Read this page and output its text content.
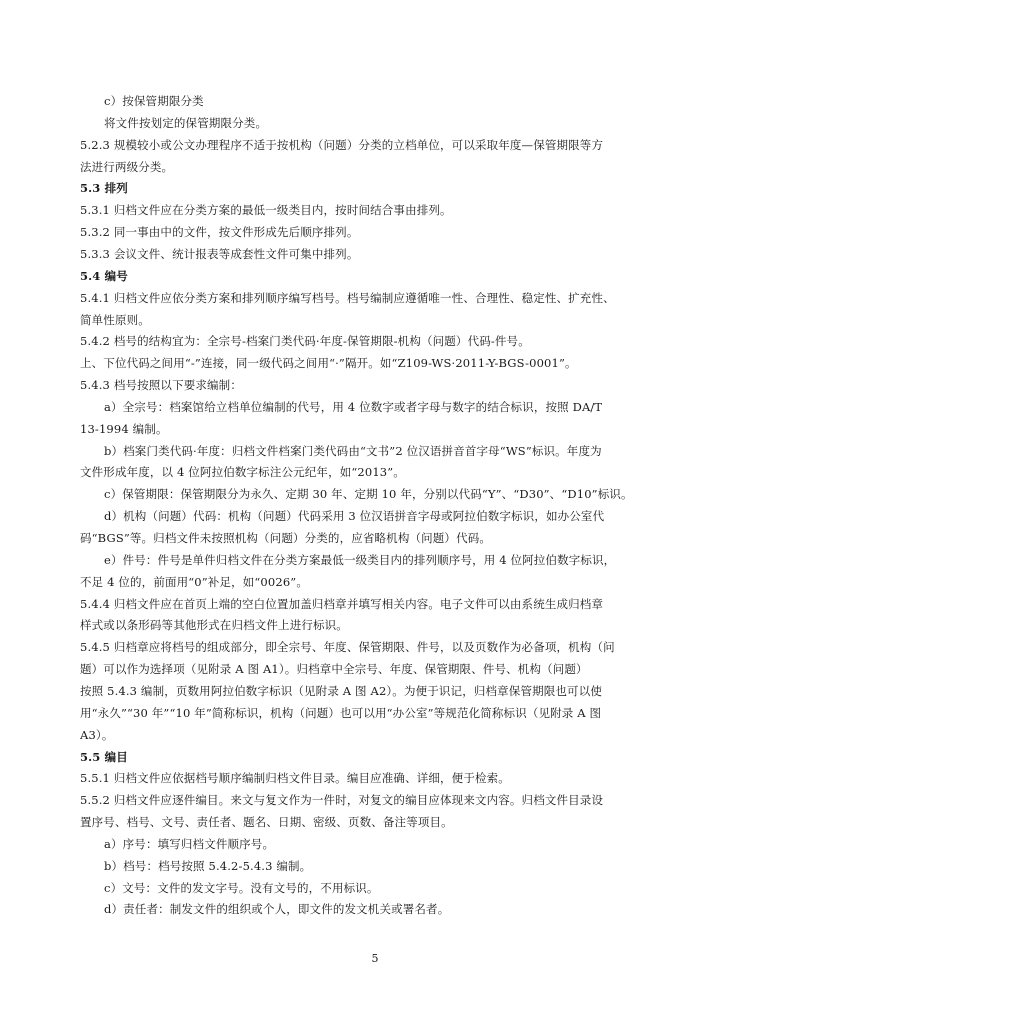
c）按保管期限分类
将文件按划定的保管期限分类。
5.2.3 规模较小或公文办理程序不适于按机构（问题）分类的立档单位，可以采取年度—保管期限等方
法进行两级分类。
5.3 排列
5.3.1 归档文件应在分类方案的最低一级类目内，按时间结合事由排列。
5.3.2 同一事由中的文件，按文件形成先后顺序排列。
5.3.3 会议文件、统计报表等成套性文件可集中排列。
5.4 编号
5.4.1 归档文件应依分类方案和排列顺序编写档号。档号编制应遵循唯一性、合理性、稳定性、扩充性、
简单性原则。
5.4.2 档号的结构宜为：全宗号-档案门类代码·年度-保管期限-机构（问题）代码-件号。
上、下位代码之间用“-”连接，同一级代码之间用“·”隔开。如“Z109-WS·2011-Y-BGS-0001”。
5.4.3 档号按照以下要求编制：
a）全宗号：档案馆给立档单位编制的代号，用 4 位数字或者字母与数字的结合标识，按照 DA/T
13-1994 编制。
b）档案门类代码·年度：归档文件档案门类代码由“文书”2 位汉语拼音首字母“WS”标识。年度为
文件形成年度，以 4 位阿拉伯数字标注公元纪年，如“2013”。
c）保管期限：保管期限分为永久、定期 30 年、定期 10 年，分别以代码“Y”、“D30”、“D10”标识。
d）机构（问题）代码：机构（问题）代码采用 3 位汉语拼音字母或阿拉伯数字标识，如办公室代
码“BGS”等。归档文件未按照机构（问题）分类的，应省略机构（问题）代码。
e）件号：件号是单件归档文件在分类方案最低一级类目内的排列顺序号，用 4 位阿拉伯数字标识，
不足 4 位的，前面用“0”补足，如“0026”。
5.4.4 归档文件应在首页上端的空白位置加盖归档章并填写相关内容。电子文件可以由系统生成归档章
样式或以条形码等其他形式在归档文件上进行标识。
5.4.5 归档章应将档号的组成部分，即全宗号、年度、保管期限、件号，以及页数作为必备项，机构（问
题）可以作为选择项（见附录 A 图 A1）。归档章中全宗号、年度、保管期限、件号、机构（问题）
按照 5.4.3 编制，页数用阿拉伯数字标识（见附录 A 图 A2）。为便于识记，归档章保管期限也可以使
用“永久”“30 年”“10 年”简称标识，机构（问题）也可以用“办公室”等规范化简称标识（见附录 A 图
A3）。
5.5 编目
5.5.1 归档文件应依据档号顺序编制归档文件目录。编目应准确、详细，便于检索。
5.5.2 归档文件应逐件编目。来文与复文作为一件时，对复文的编目应体现来文内容。归档文件目录设
置序号、档号、文号、责任者、题名、日期、密级、页数、备注等项目。
a）序号：填写归档文件顺序号。
b）档号：档号按照 5.4.2-5.4.3 编制。
c）文号：文件的发文字号。没有文号的，不用标识。
d）责任者：制发文件的组织或个人，即文件的发文机关或署名者。
5
